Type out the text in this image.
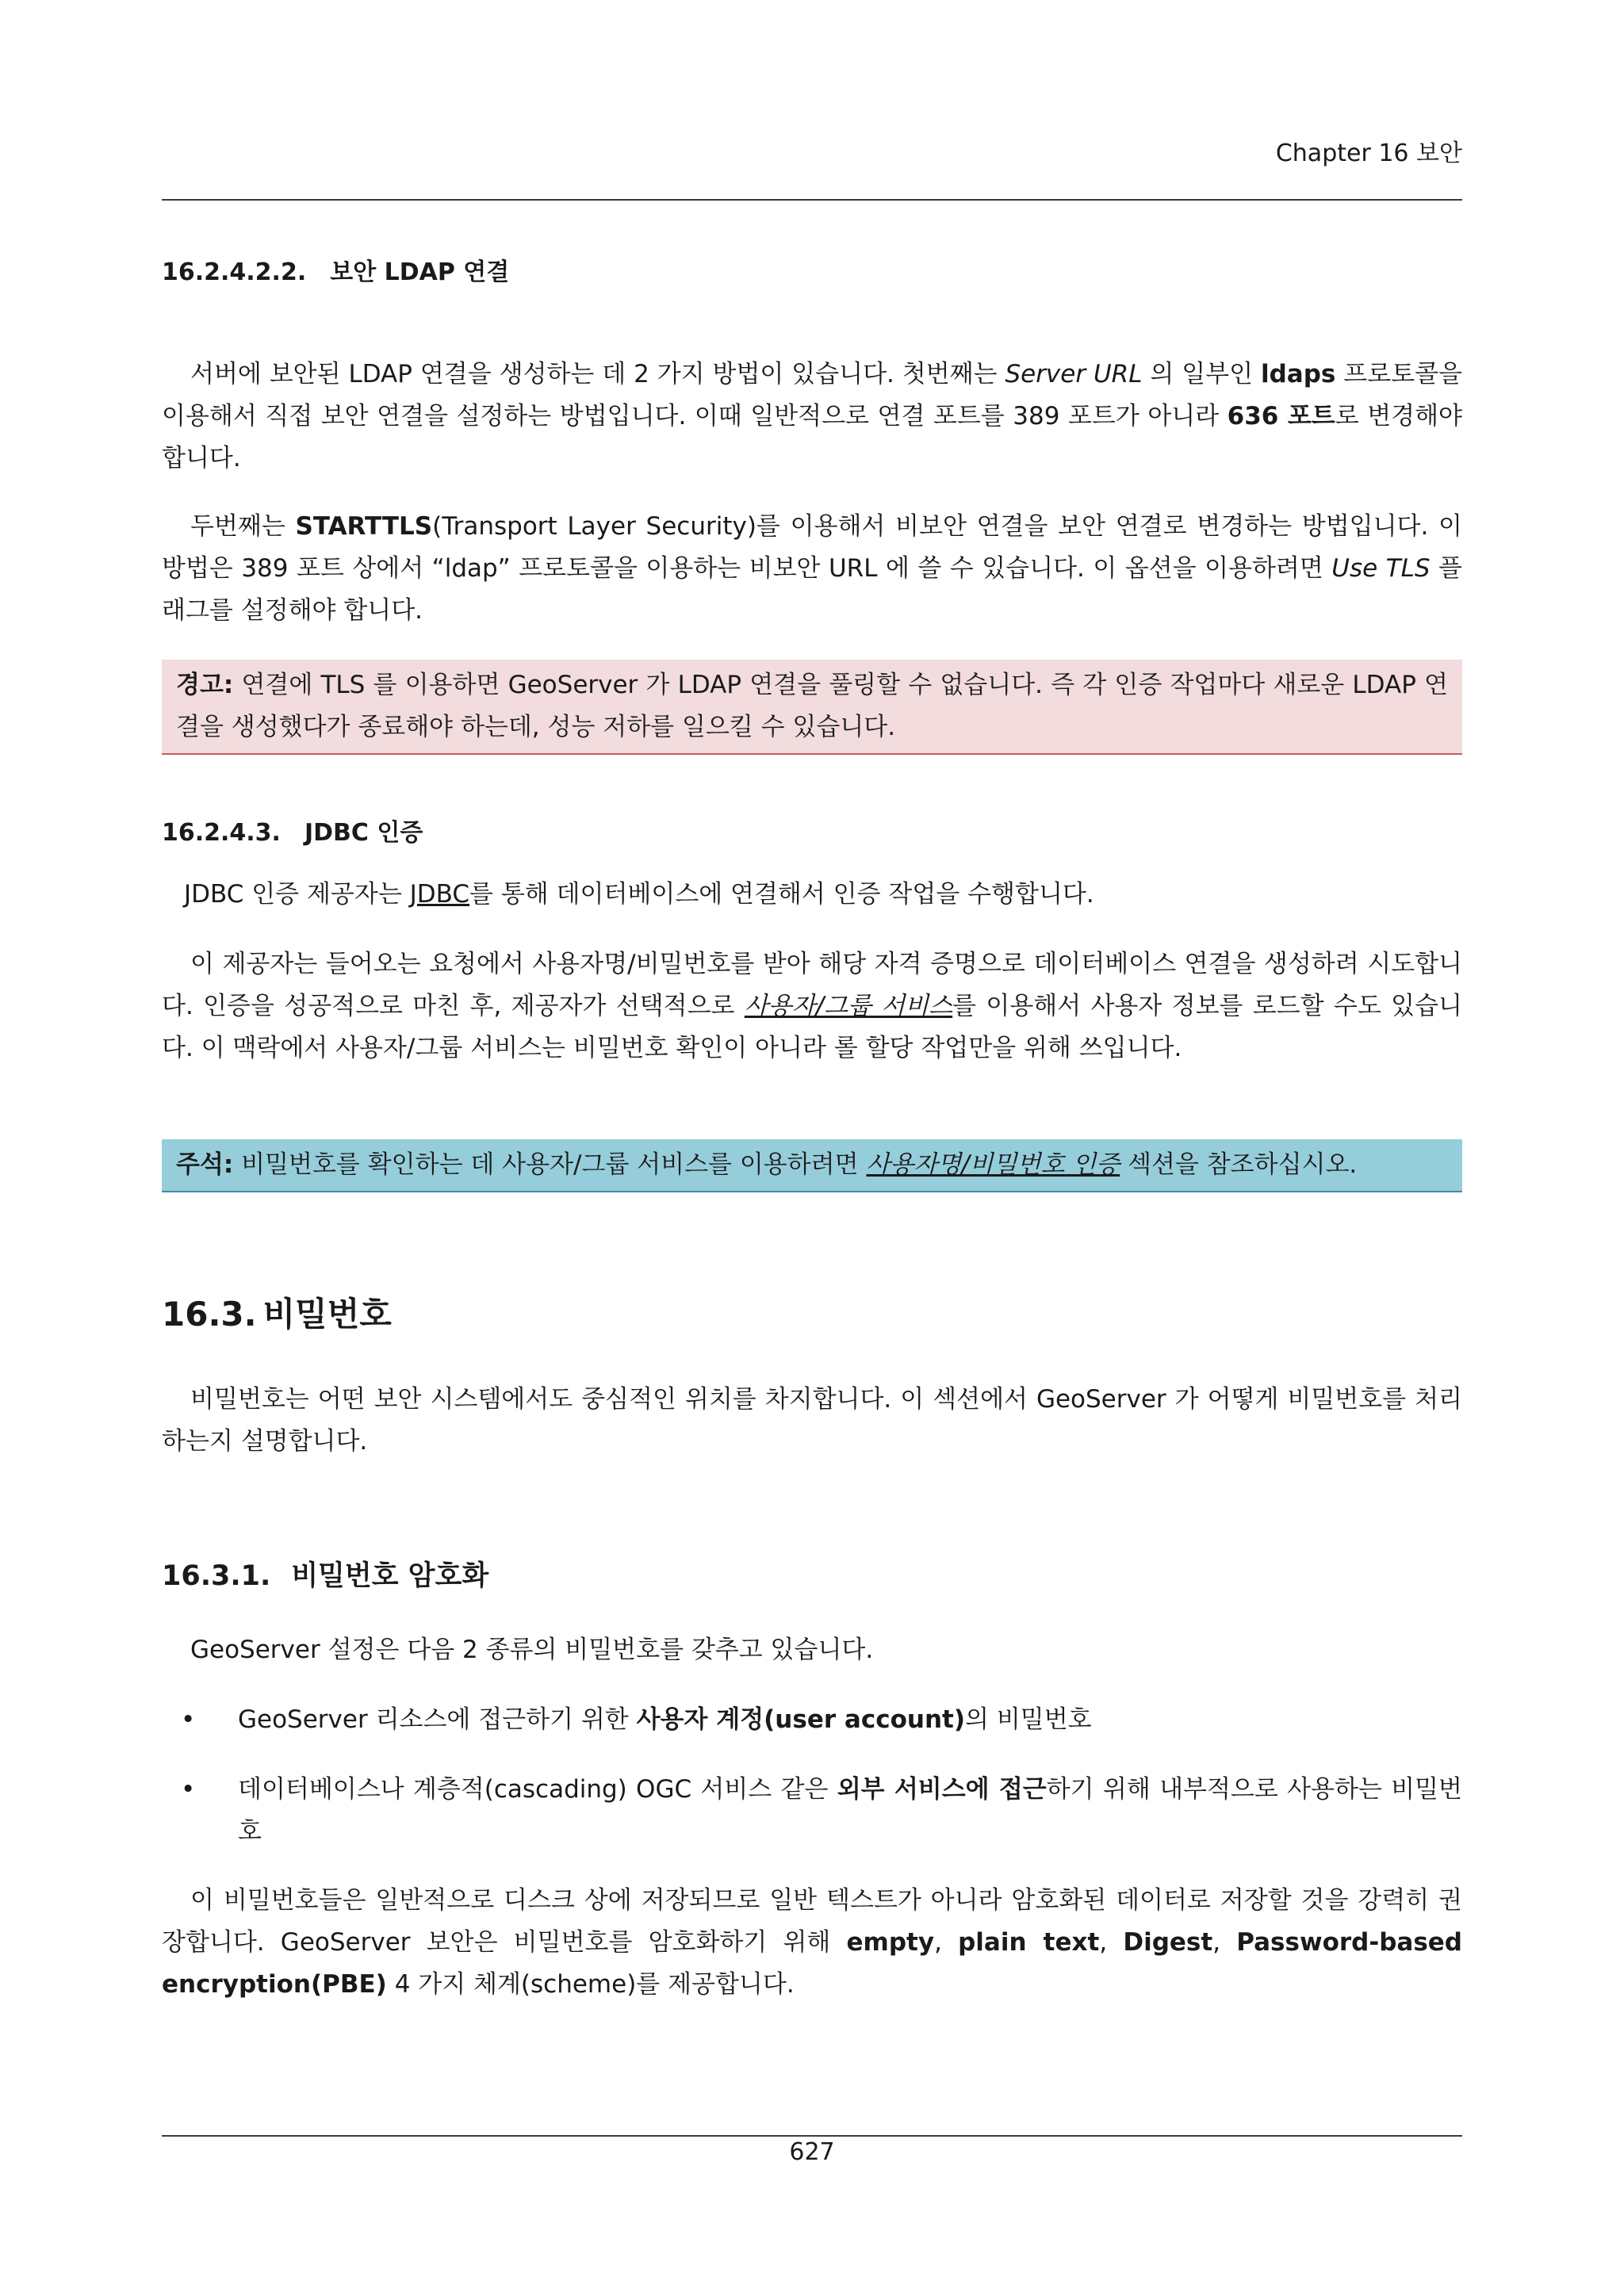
Chapter 16 보안
16.2.4.2.2. 보안 LDAP 연결

서버에 보안된 LDAP 연결을 생성하는 데 2 가지 방법이 있습니다. 첫번째는 Server URL 의 일부인 ldaps 프로토콜을 이용해서 직접 보안 연결을 설정하는 방법입니다. 이때 일반적으로 연결 포트를 389 포트가 아니라 636 포트로 변경해야 합니다.

두번째는 STARTTLS(Transport Layer Security)를 이용해서 비보안 연결을 보안 연결로 변경하는 방법입니다. 이 방법은 389 포트 상에서 “ldap” 프로토콜을 이용하는 비보안 URL 에 쓸 수 있습니다. 이 옵션을 이용하려면 Use TLS 플래그를 설정해야 합니다.

경고: 연결에 TLS 를 이용하면 GeoServer 가 LDAP 연결을 풀링할 수 없습니다. 즉 각 인증 작업마다 새로운 LDAP 연결을 생성했다가 종료해야 하는데, 성능 저하를 일으킬 수 있습니다.
16.2.4.3. JDBC 인증

JDBC 인증 제공자는 JDBC를 통해 데이터베이스에 연결해서 인증 작업을 수행합니다.

이 제공자는 들어오는 요청에서 사용자명/비밀번호를 받아 해당 자격 증명으로 데이터베이스 연결을 생성하려 시도합니다. 인증을 성공적으로 마친 후, 제공자가 선택적으로 사용자/그룹 서비스를 이용해서 사용자 정보를 로드할 수도 있습니다. 이 맥락에서 사용자/그룹 서비스는 비밀번호 확인이 아니라 롤 할당 작업만을 위해 쓰입니다.

주석: 비밀번호를 확인하는 데 사용자/그룹 서비스를 이용하려면 사용자명/비밀번호 인증 섹션을 참조하십시오.
16.3. 비밀번호

비밀번호는 어떤 보안 시스템에서도 중심적인 위치를 차지합니다. 이 섹션에서 GeoServer 가 어떻게 비밀번호를 처리하는지 설명합니다.

16.3.1. 비밀번호 암호화

GeoServer 설정은 다음 2 종류의 비밀번호를 갖추고 있습니다.

• GeoServer 리소스에 접근하기 위한 사용자 계정(user account)의 비밀번호
• 데이터베이스나 계층적(cascading) OGC 서비스 같은 외부 서비스에 접근하기 위해 내부적으로 사용하는 비밀번호

이 비밀번호들은 일반적으로 디스크 상에 저장되므로 일반 텍스트가 아니라 암호화된 데이터로 저장할 것을 강력히 권장합니다. GeoServer 보안은 비밀번호를 암호화하기 위해 empty, plain text, Digest, Password-based encryption(PBE) 4 가지 체계(scheme)를 제공합니다.

627
